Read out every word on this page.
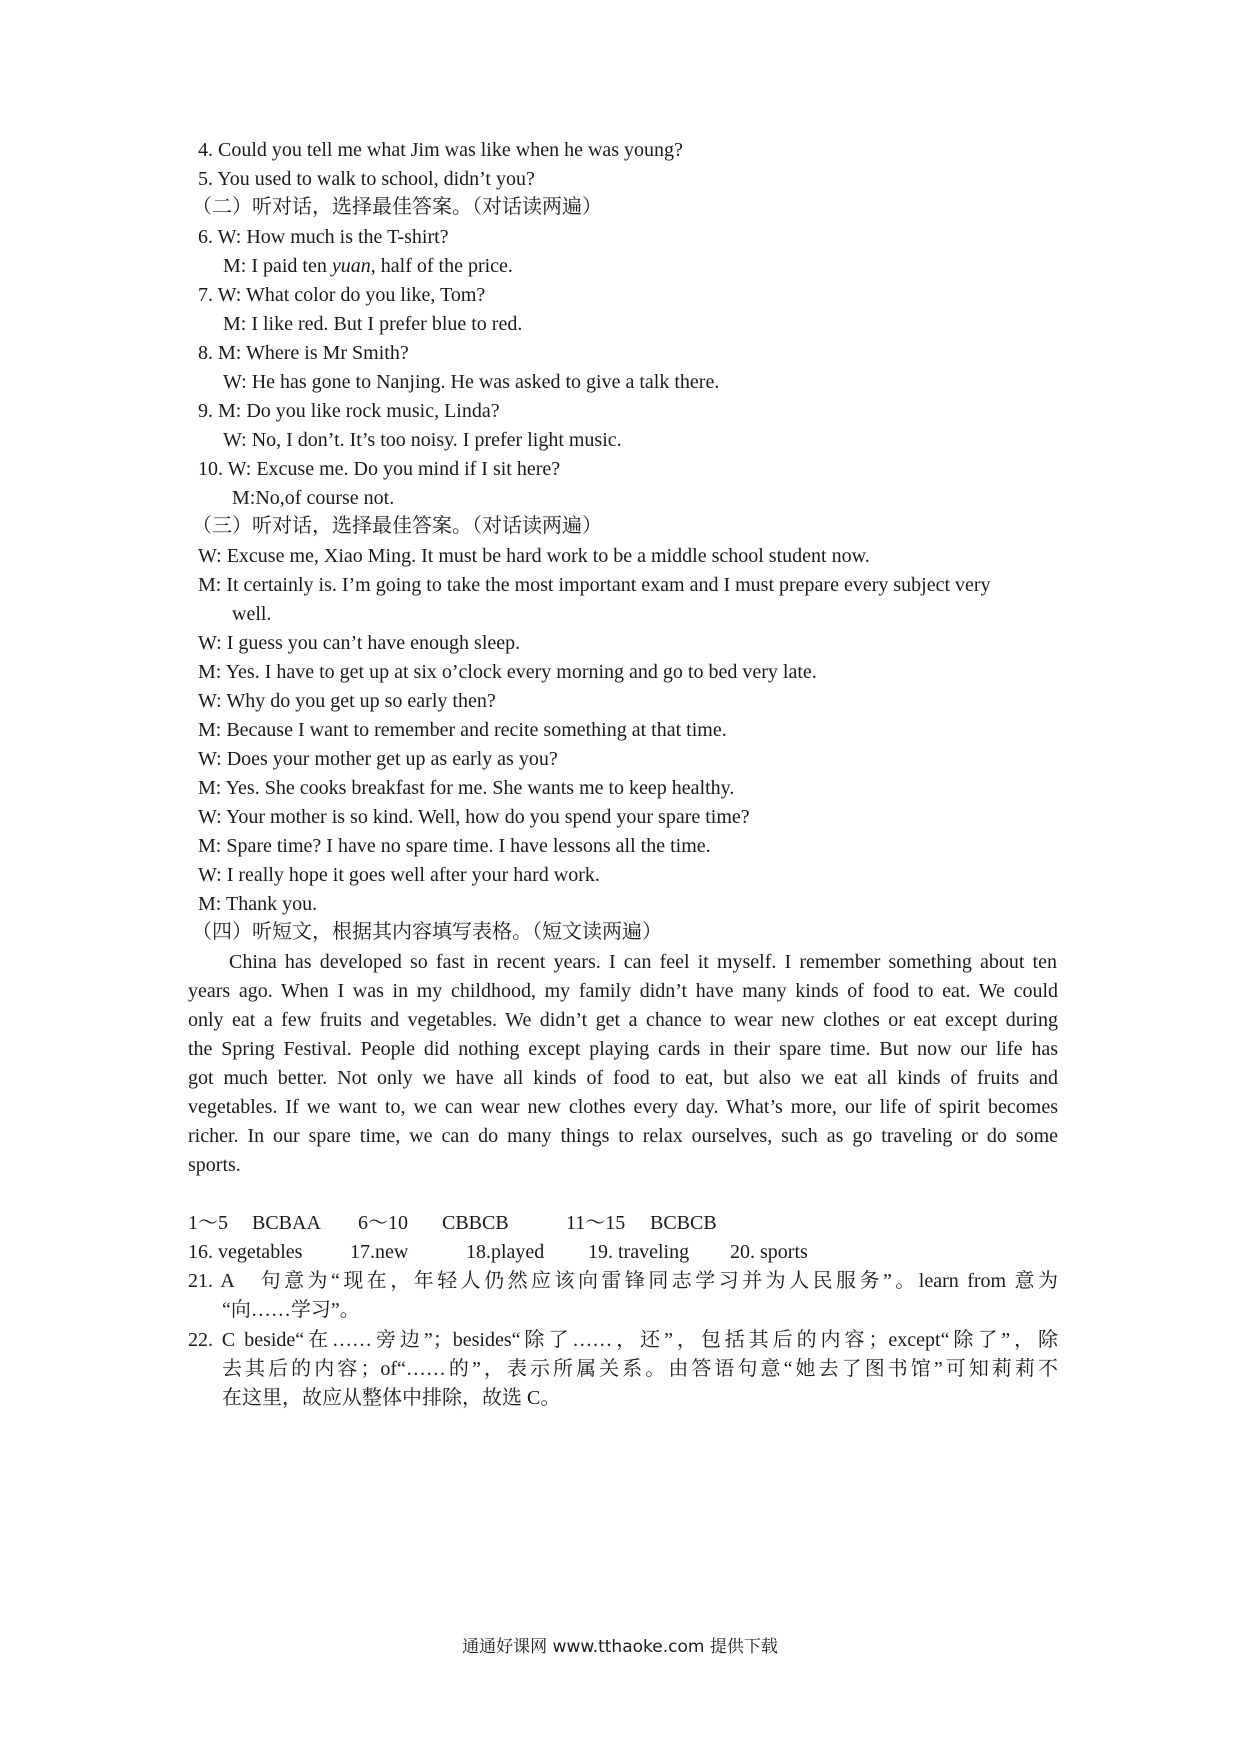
4. Could you tell me what Jim was like when he was young?
5. You used to walk to school, didn’t you?
（二）听对话，选择最佳答案。（对话读两遍）
6. W: How much is the T-shirt?
M: I paid ten yuan, half of the price.
7. W: What color do you like, Tom?
M: I like red. But I prefer blue to red.
8. M: Where is Mr Smith?
W: He has gone to Nanjing. He was asked to give a talk there.
9. M: Do you like rock music, Linda?
W: No, I don’t. It’s too noisy. I prefer light music.
10. W: Excuse me. Do you mind if I sit here?
M:No,of course not.
（三）听对话，选择最佳答案。（对话读两遍）
W: Excuse me, Xiao Ming. It must be hard work to be a middle school student now.
M: It certainly is. I’m going to take the most important exam and I must prepare every subject very
well.
W: I guess you can’t have enough sleep.
M: Yes. I have to get up at six o’clock every morning and go to bed very late.
W: Why do you get up so early then?
M: Because I want to remember and recite something at that time.
W: Does your mother get up as early as you?
M: Yes. She cooks breakfast for me. She wants me to keep healthy.
W: Your mother is so kind. Well, how do you spend your spare time?
M: Spare time? I have no spare time. I have lessons all the time.
W: I really hope it goes well after your hard work.
M: Thank you.
（四）听短文，根据其内容填写表格。（短文读两遍）
China has developed so fast in recent years. I can feel it myself. I remember something about ten
years ago. When I was in my childhood, my family didn’t have many kinds of food to eat. We could
only eat a few fruits and vegetables. We didn’t get a chance to wear new clothes or eat except during
the Spring Festival. People did nothing except playing cards in their spare time. But now our life has
got much better. Not only we have all kinds of food to eat, but also we eat all kinds of fruits and
vegetables. If we want to, we can wear new clothes every day. What’s more, our life of spirit becomes
richer. In our spare time, we can do many things to relax ourselves, such as go traveling or do some
sports.
1～5 BCBAA 6～10 CBBCB	11～15 BCBCB
16. vegetables 17.new	18.played 19. traveling 20. sports
21. A　句意为“现在，年轻人仍然应该向雷锋同志学习并为人民服务”。learn from 意为
“向……学习”。
22. C beside“在……旁边”；besides“除了……，还”，包括其后的内容；except“除了”，除
去其后的内容；of“……的”，表示所属关系。由答语句意“她去了图书馆”可知莉莉不
在这里，故应从整体中排除，故选 C。
通通好课网 www.tthaoke.com 提供下载
